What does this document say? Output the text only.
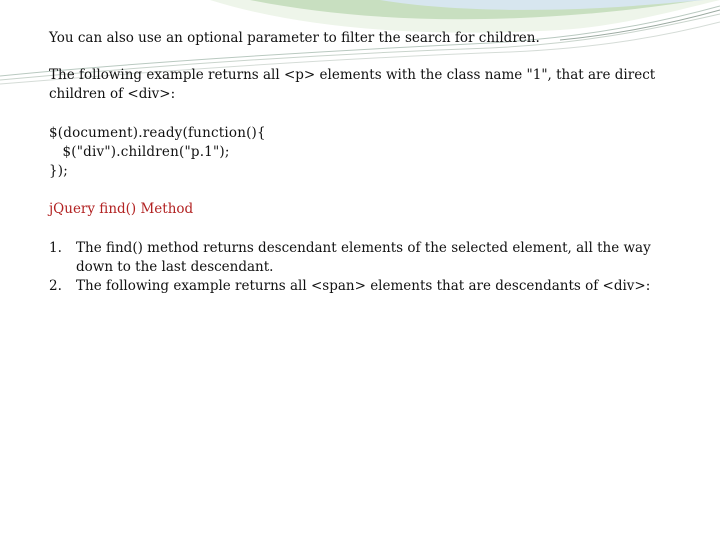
You can also use an optional parameter to filter the search for children.
The following example returns all <p> elements with the class name "1", that are direct children of <div>:
$(document).ready(function(){
$("div").children("p.1");
});
jQuery find() Method
1. The find() method returns descendant elements of the selected element, all the way down to the last descendant.
2. The following example returns all <span> elements that are descendants of <div>:
